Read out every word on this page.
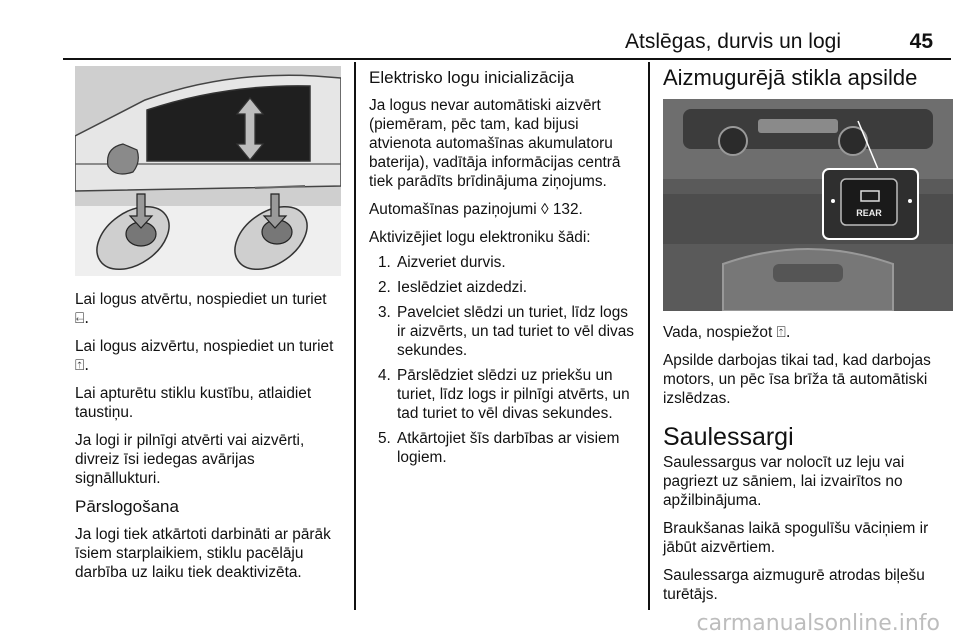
Atslēgas, durvis un logi	45

Lai logus atvērtu, nospiediet un turiet ⍇.

Lai logus aizvērtu, nospiediet un turiet ⍐.

Lai apturētu stiklu kustību, atlaidiet taustiņu.

Ja logi ir pilnīgi atvērti vai aizvērti, divreiz īsi iedegas avārijas signāllukturi.

Pārslogošana

Ja logi tiek atkārtoti darbināti ar pārāk īsiem starplaikiem, stiklu pacēlāju darbība uz laiku tiek deaktivizēta.

Elektrisko logu inicializācija

Ja logus nevar automātiski aizvērt (piemēram, pēc tam, kad bijusi atvienota automašīnas akumulatoru baterija), vadītāja informācijas centrā tiek parādīts brīdinājuma ziņojums.

Automašīnas paziņojumi ◊ 132.

Aktivizējiet logu elektroniku šādi:

1. Aizveriet durvis.
2. Ieslēdziet aizdedzi.
3. Pavelciet slēdzi un turiet, līdz logs ir aizvērts, un tad turiet to vēl divas sekundes.
4. Pārslēdziet slēdzi uz priekšu un turiet, līdz logs ir pilnīgi atvērts, un tad turiet to vēl divas sekundes.
5. Atkārtojiet šīs darbības ar visiem logiem.
Aizmugurējā stikla apsilde
REAR

Vada, nospiežot ⍐.

Apsilde darbojas tikai tad, kad darbojas motors, un pēc īsa brīža tā automātiski izslēdzas.

Saulessargi

Saulessargus var nolocīt uz leju vai pagriezt uz sāniem, lai izvairītos no apžilbinājuma.

Braukšanas laikā spogulīšu vāciņiem ir jābūt aizvērtiem.

Saulessarga aizmugurē atrodas biļešu turētājs.

carmanualsonline.info
